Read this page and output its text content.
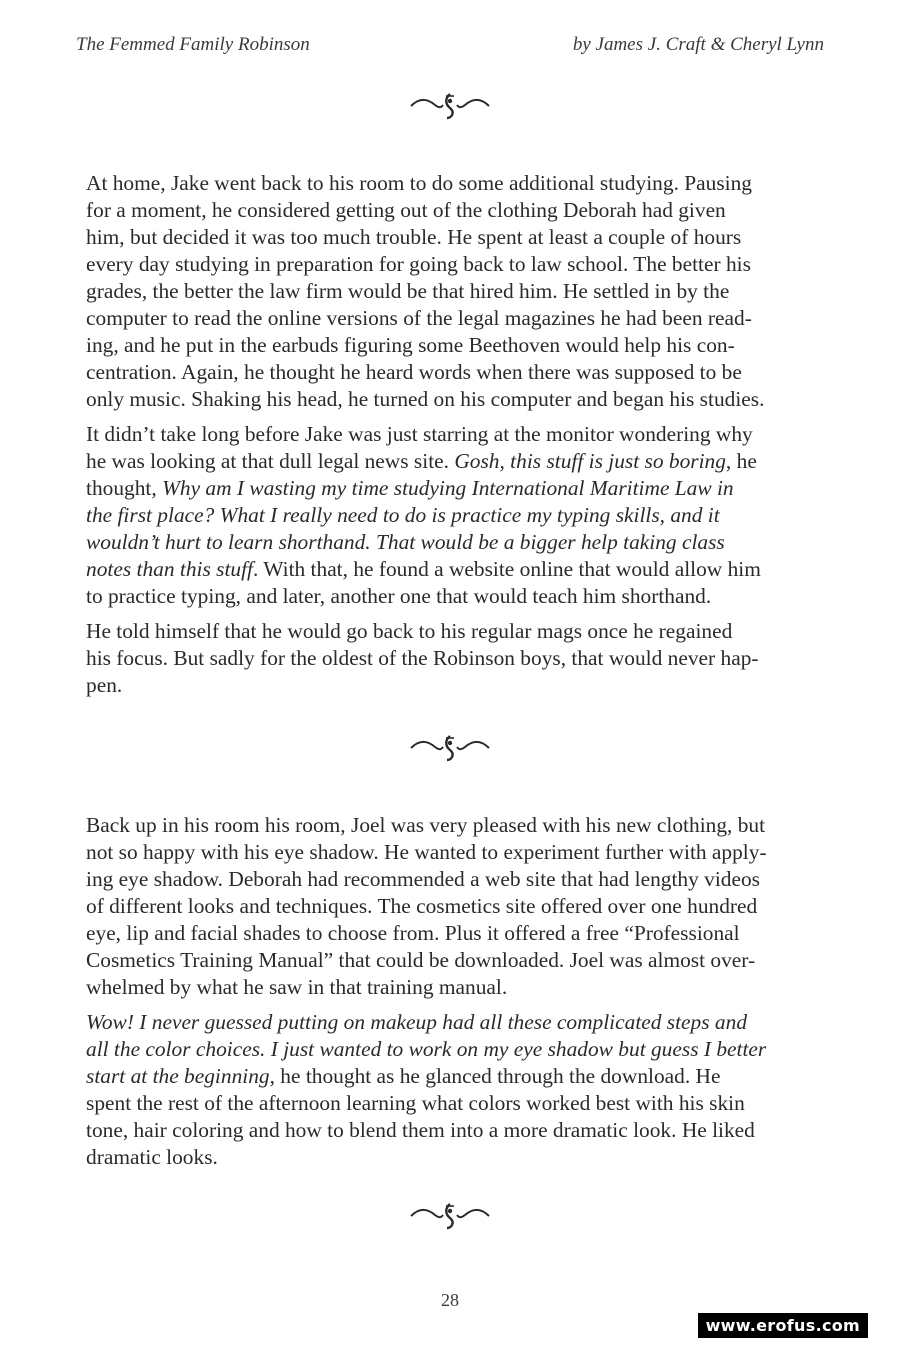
The Femmed Family Robinson	by James J. Craft & Cheryl Lynn

At home, Jake went back to his room to do some additional studying. Pausing
for a moment, he considered getting out of the clothing Deborah had given
him, but decided it was too much trouble. He spent at least a couple of hours
every day studying in preparation for going back to law school. The better his
grades, the better the law firm would be that hired him. He settled in by the
computer to read the online versions of the legal magazines he had been read-
ing, and he put in the earbuds figuring some Beethoven would help his con-
centration. Again, he thought he heard words when there was supposed to be
only music. Shaking his head, he turned on his computer and began his studies.

It didn’t take long before Jake was just starring at the monitor wondering why
he was looking at that dull legal news site. Gosh, this stuff is just so boring, he
thought, Why am I wasting my time studying International Maritime Law in
the first place? What I really need to do is practice my typing skills, and it
wouldn’t hurt to learn shorthand. That would be a bigger help taking class
notes than this stuff. With that, he found a website online that would allow him
to practice typing, and later, another one that would teach him shorthand.

He told himself that he would go back to his regular mags once he regained
his focus. But sadly for the oldest of the Robinson boys, that would never hap-
pen.

Back up in his room his room, Joel was very pleased with his new clothing, but
not so happy with his eye shadow. He wanted to experiment further with apply-
ing eye shadow. Deborah had recommended a web site that had lengthy videos
of different looks and techniques. The cosmetics site offered over one hundred
eye, lip and facial shades to choose from. Plus it offered a free “Professional
Cosmetics Training Manual” that could be downloaded. Joel was almost over-
whelmed by what he saw in that training manual.

Wow! I never guessed putting on makeup had all these complicated steps and
all the color choices. I just wanted to work on my eye shadow but guess I better
start at the beginning, he thought as he glanced through the download. He
spent the rest of the afternoon learning what colors worked best with his skin
tone, hair coloring and how to blend them into a more dramatic look. He liked
dramatic looks.

28
www.erofus.com
